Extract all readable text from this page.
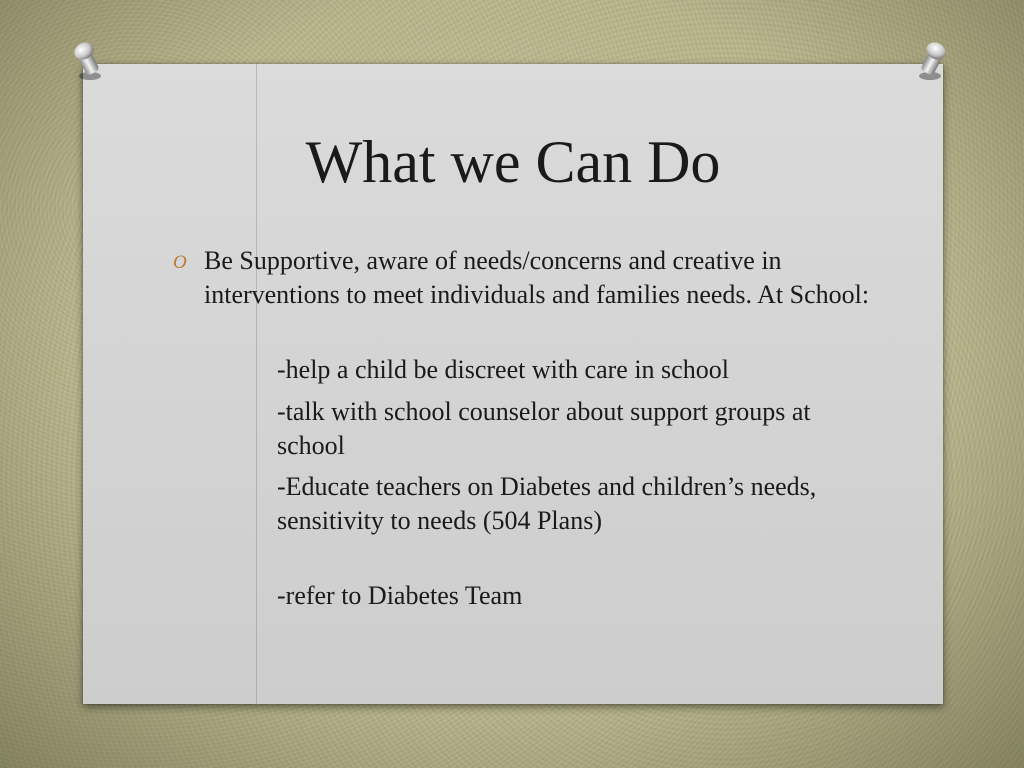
What we Can Do
O Be Supportive, aware of needs/concerns and creative in interventions to meet individuals and families needs. At School:
-help a child be discreet with care in school
-talk with school counselor about support groups at school
-Educate teachers on Diabetes and children’s needs, sensitivity to needs (504 Plans)
-refer to Diabetes Team
